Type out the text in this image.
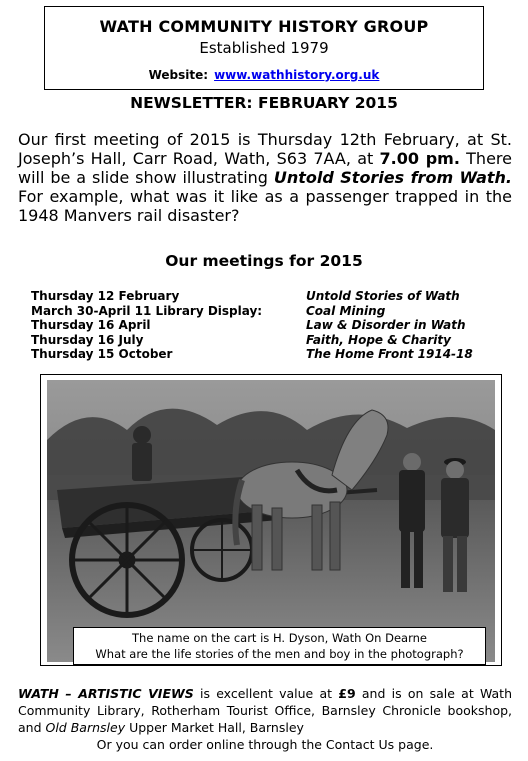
WATH COMMUNITY HISTORY GROUP
Established 1979
Website: www.wathhistory.org.uk
NEWSLETTER: FEBRUARY 2015
Our first meeting of 2015 is Thursday 12th February, at St. Joseph’s Hall, Carr Road, Wath, S63 7AA, at 7.00 pm. There will be a slide show illustrating Untold Stories from Wath. For example, what was it like as a passenger trapped in the 1948 Manvers rail disaster?
Our meetings for 2015
Thursday 12 February	Untold Stories of Wath
March 30-April 11 Library Display:	Coal Mining
Thursday 16 April	Law & Disorder in Wath
Thursday 16 July	Faith, Hope & Charity
Thursday 15 October	The Home Front 1914-18
The name on the cart is H. Dyson, Wath On Dearne
What are the life stories of the men and boy in the photograph?
WATH – ARTISTIC VIEWS is excellent value at £9 and is on sale at Wath Community Library, Rotherham Tourist Office, Barnsley Chronicle bookshop, and Old Barnsley Upper Market Hall, Barnsley
Or you can order online through the Contact Us page.
